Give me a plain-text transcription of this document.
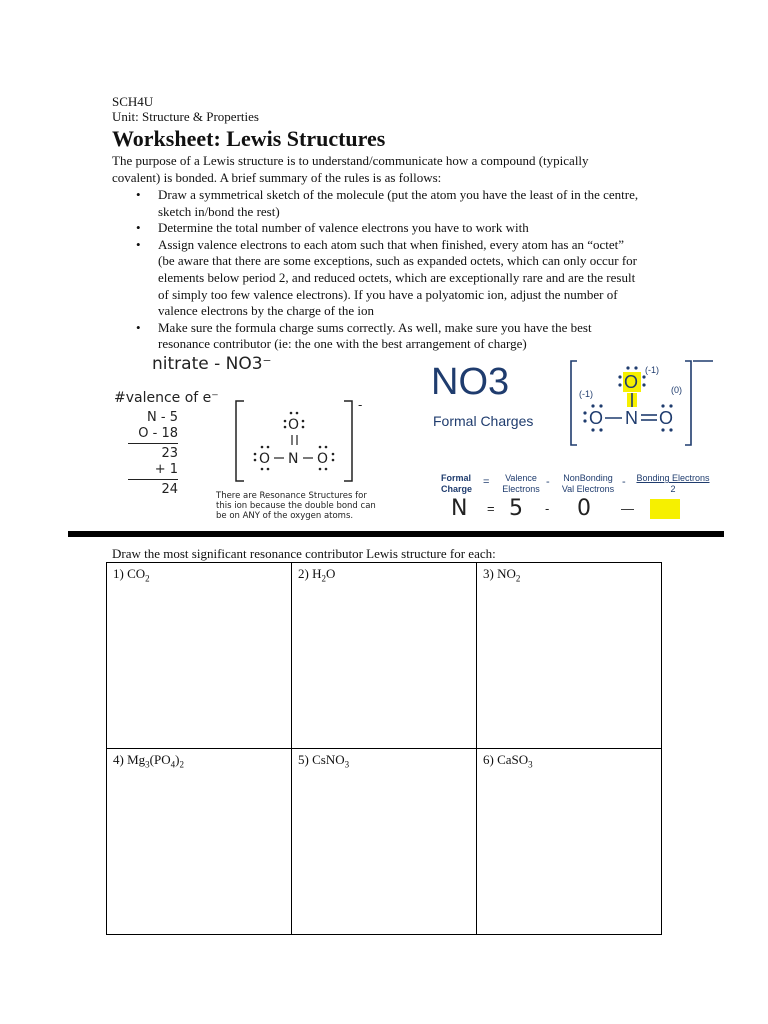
SCH4U
Unit: Structure & Properties
Worksheet: Lewis Structures
The purpose of a Lewis structure is to understand/communicate how a compound (typically covalent) is bonded. A brief summary of the rules is as follows:
• Draw a symmetrical sketch of the molecule (put the atom you have the least of in the centre, sketch in/bond the rest)
• Determine the total number of valence electrons you have to work with
• Assign valence electrons to each atom such that when finished, every atom has an “octet” (be aware that there are some exceptions, such as expanded octets, which can only occur for elements below period 2, and reduced octets, which are exceptionally rare and are the result of simply too few valence electrons). If you have a polyatomic ion, adjust the number of valence electrons by the charge of the ion
• Make sure the formula charge sums correctly. As well, make sure you have the best resonance contributor (ie: the one with the best arrangement of charge)
nitrate - NO3⁻
#valence of e⁻
N - 5
O - 18
23
+ 1
24
-
O
O N O
There are Resonance Structures for this ion because the double bond can be on ANY of the oxygen atoms.
NO3
Formal Charges
O
N
O	O
(-1)
(-1)	(0)
Formal Charge
=	Valence Electrons
-	NonBonding Val Electrons
-	Bonding Electrons
2
N = 5 - 0 —
Draw the most significant resonance contributor Lewis structure for each:
1) $CO_2$	2) $H_2O$	3) $NO_2$
4) $Mg_3(PO_4)_2$	5) CsNO$_3$	6) CaSO$_3$
